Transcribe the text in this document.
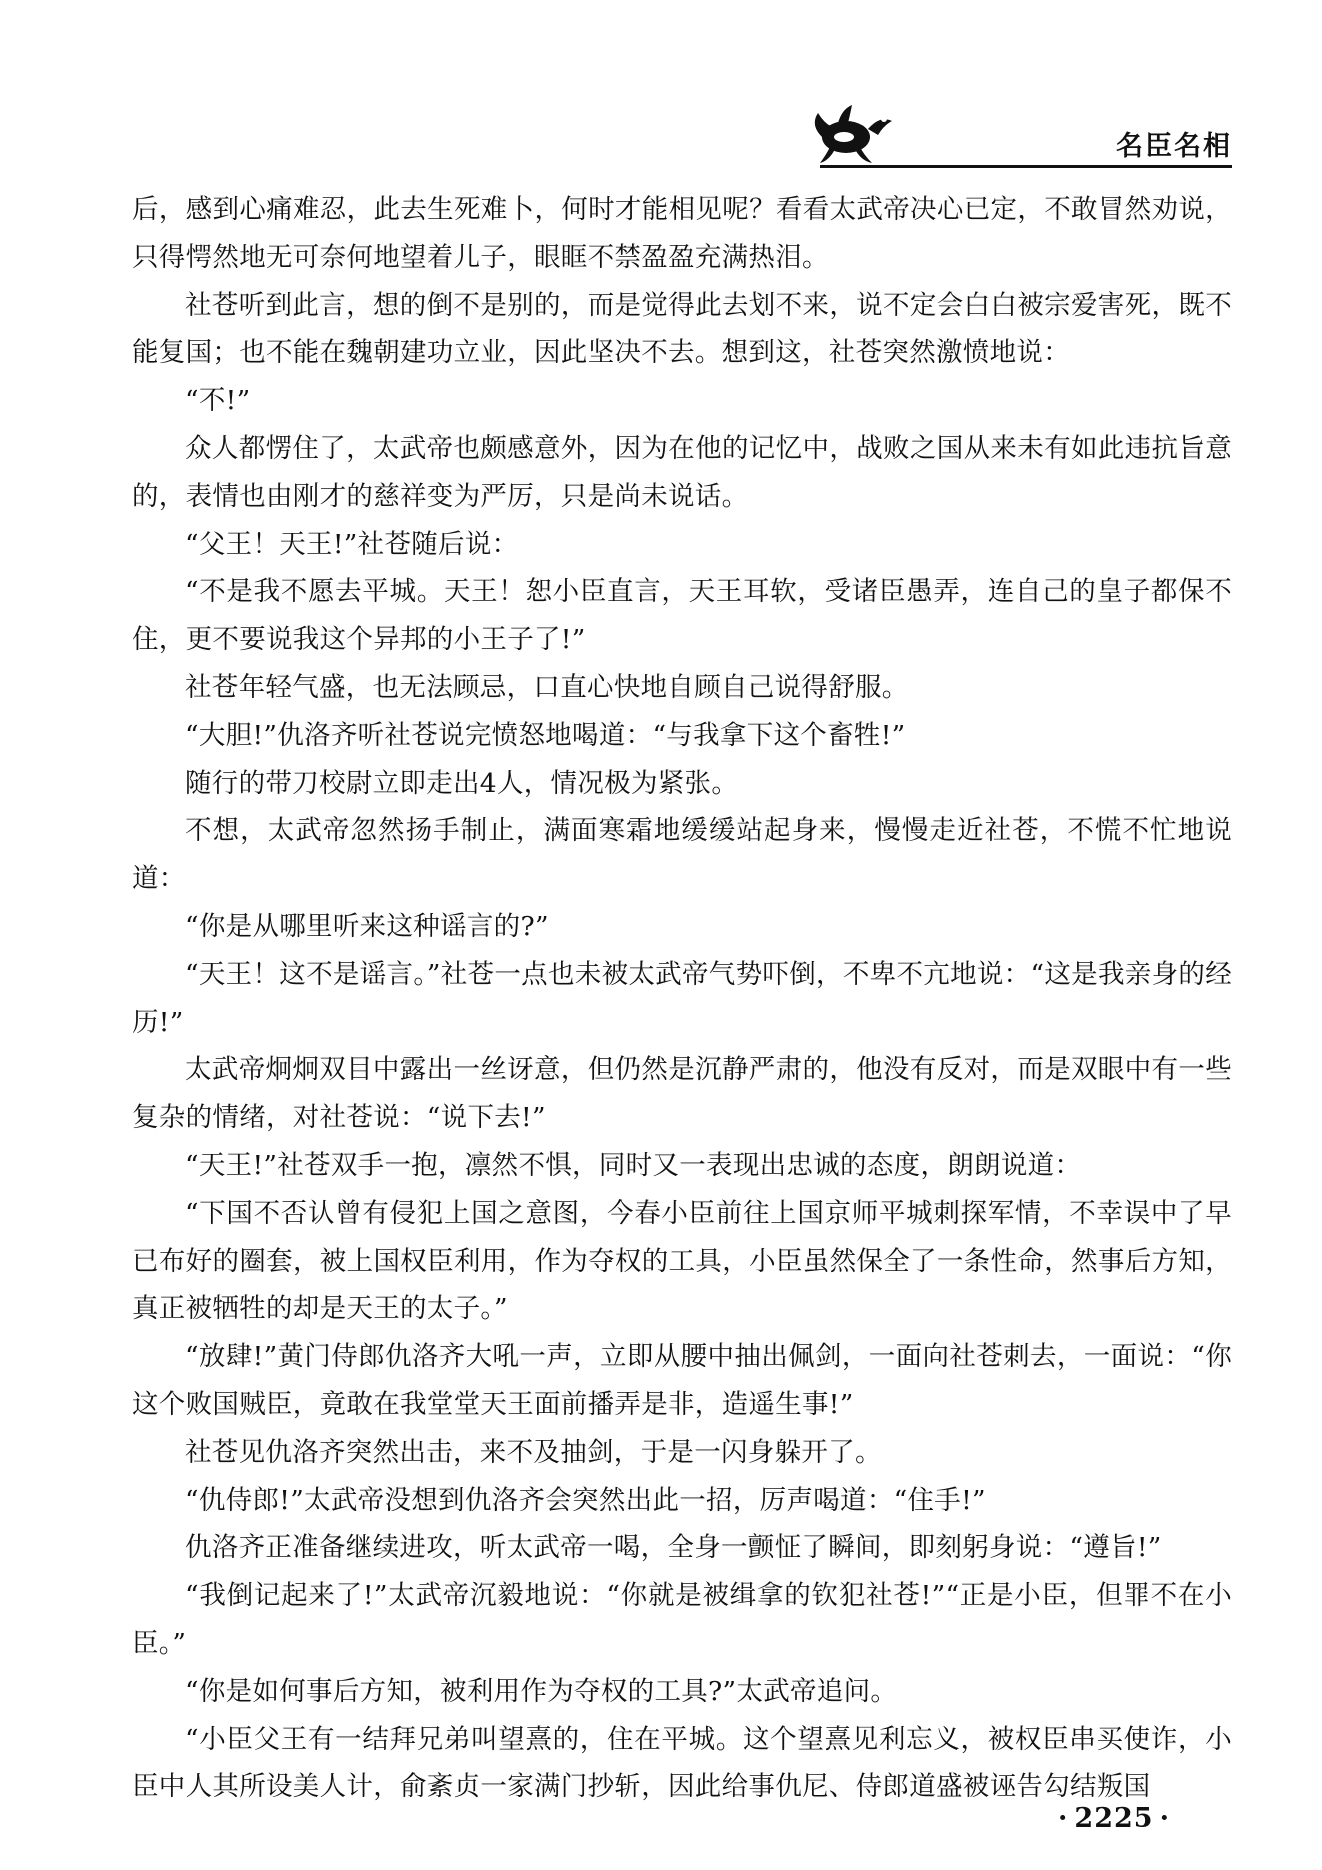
名臣名相

后，感到心痛难忍，此去生死难卜，何时才能相见呢？看看太武帝决心已定，不敢冒然劝说，只得愕然地无可奈何地望着儿子，眼眶不禁盈盈充满热泪。

社苍听到此言，想的倒不是别的，而是觉得此去划不来，说不定会白白被宗爱害死，既不能复国；也不能在魏朝建功立业，因此坚决不去。想到这，社苍突然激愤地说：

“不!”

众人都愣住了，太武帝也颇感意外，因为在他的记忆中，战败之国从来未有如此违抗旨意的，表情也由刚才的慈祥变为严厉，只是尚未说话。

“父王！天王!”社苍随后说：

“不是我不愿去平城。天王！恕小臣直言，天王耳软，受诸臣愚弄，连自己的皇子都保不住，更不要说我这个异邦的小王子了!”

社苍年轻气盛，也无法顾忌，口直心快地自顾自己说得舒服。

“大胆!”仇洛齐听社苍说完愤怒地喝道：“与我拿下这个畜牲!”

随行的带刀校尉立即走出4人，情况极为紧张。

不想，太武帝忽然扬手制止，满面寒霜地缓缓站起身来，慢慢走近社苍，不慌不忙地说道：

“你是从哪里听来这种谣言的?”

“天王！这不是谣言。”社苍一点也未被太武帝气势吓倒，不卑不亢地说：“这是我亲身的经历!”

太武帝炯炯双目中露出一丝讶意，但仍然是沉静严肃的，他没有反对，而是双眼中有一些复杂的情绪，对社苍说：“说下去!”

“天王!”社苍双手一抱，凛然不惧，同时又一表现出忠诚的态度，朗朗说道：

“下国不否认曾有侵犯上国之意图，今春小臣前往上国京师平城刺探军情，不幸误中了早已布好的圈套，被上国权臣利用，作为夺权的工具，小臣虽然保全了一条性命，然事后方知，真正被牺牲的却是天王的太子。”

“放肆!”黄门侍郎仇洛齐大吼一声，立即从腰中抽出佩剑，一面向社苍刺去，一面说：“你这个败国贼臣，竟敢在我堂堂天王面前播弄是非，造遥生事!”

社苍见仇洛齐突然出击，来不及抽剑，于是一闪身躲开了。

“仇侍郎!”太武帝没想到仇洛齐会突然出此一招，厉声喝道：“住手!”

仇洛齐正准备继续进攻，听太武帝一喝，全身一颤怔了瞬间，即刻躬身说：“遵旨!”

“我倒记起来了!”太武帝沉毅地说：“你就是被缉拿的钦犯社苍!”“正是小臣，但罪不在小臣。”

“你是如何事后方知，被利用作为夺权的工具?”太武帝追问。

“小臣父王有一结拜兄弟叫望熹的，住在平城。这个望熹见利忘义，被权臣串买使诈，小臣中人其所设美人计，俞紊贞一家满门抄斩，因此给事仇尼、侍郎道盛被诬告勾结叛国

· 2225 ·
